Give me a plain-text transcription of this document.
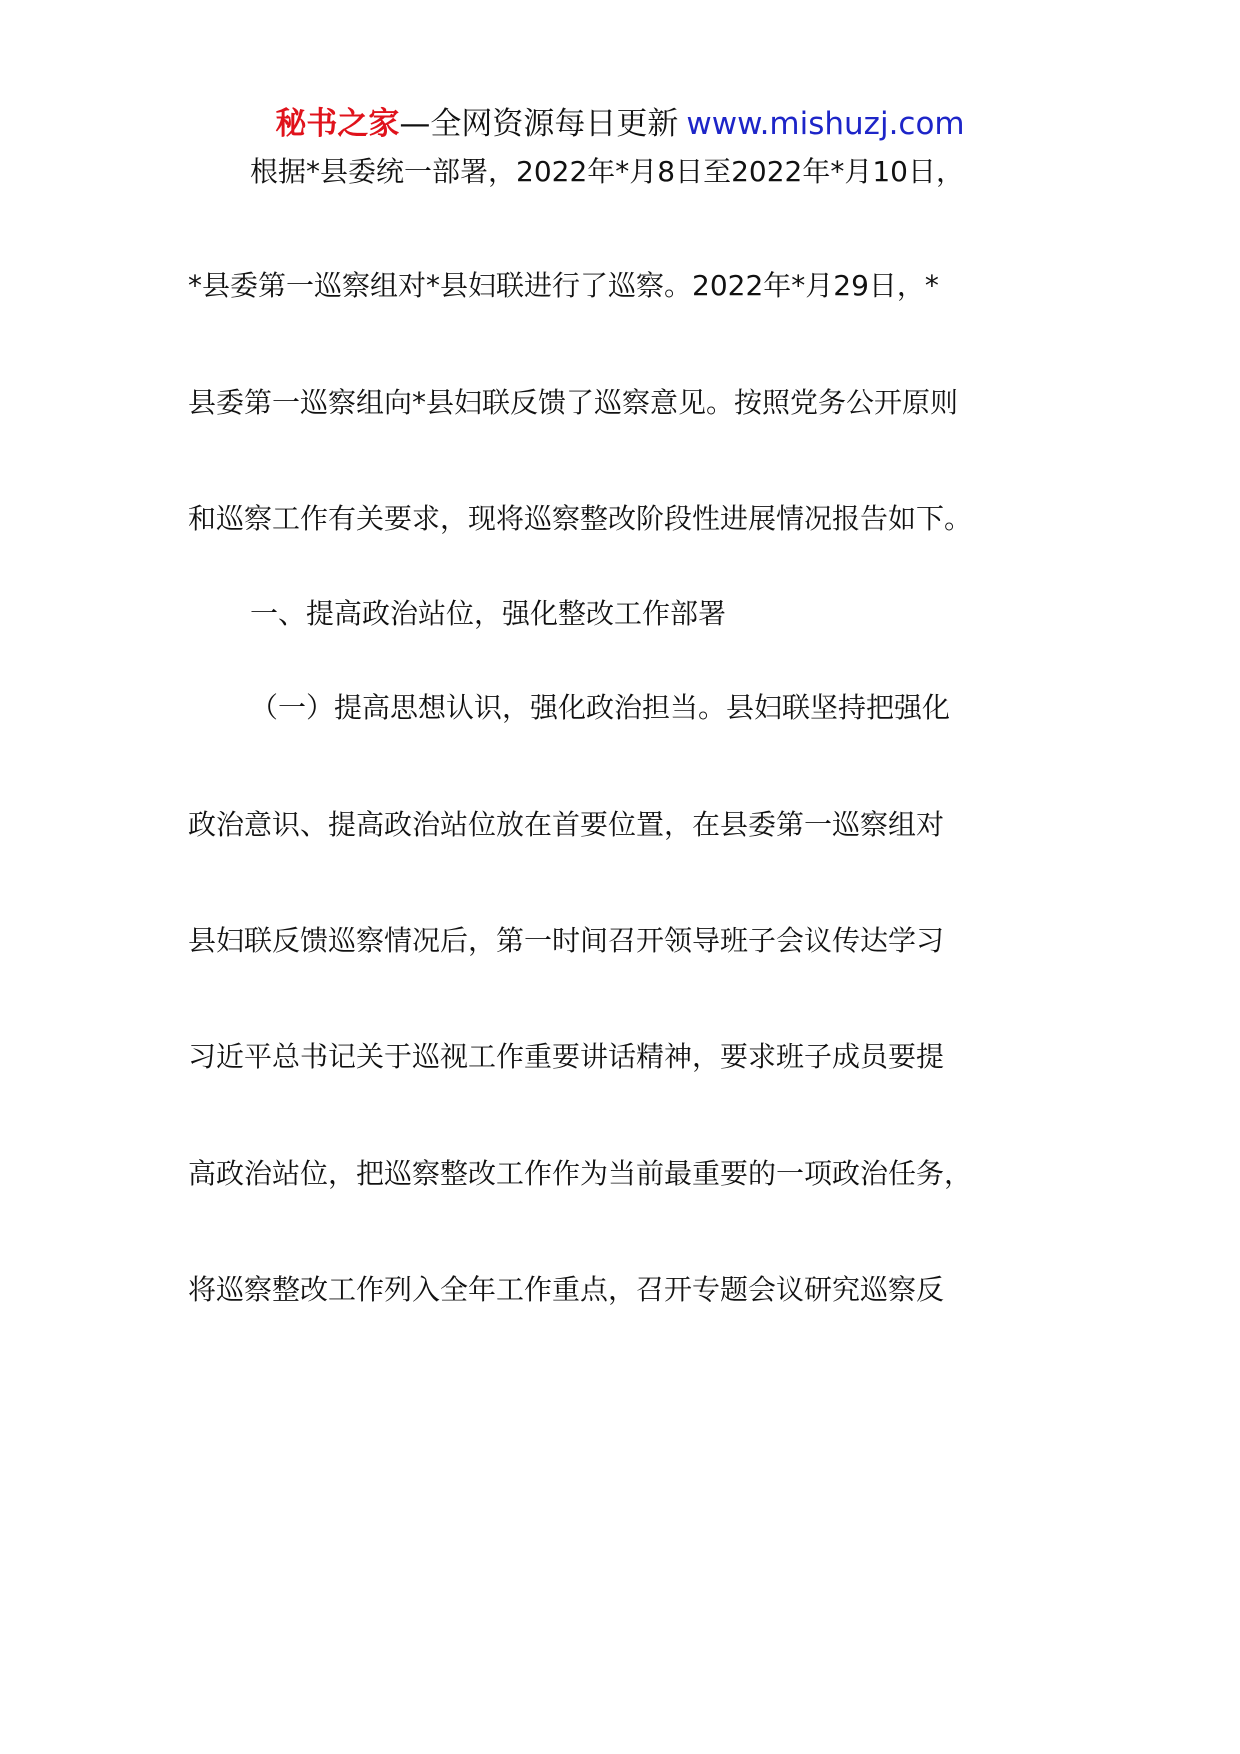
秘书之家—全网资源每日更新 www.mishuzj.com
根据*县委统一部署，2022年*月8日至2022年*月10日，
*县委第一巡察组对*县妇联进行了巡察。2022年*月29日，*
县委第一巡察组向*县妇联反馈了巡察意见。按照党务公开原则
和巡察工作有关要求，现将巡察整改阶段性进展情况报告如下。
一、提高政治站位，强化整改工作部署
（一）提高思想认识，强化政治担当。县妇联坚持把强化
政治意识、提高政治站位放在首要位置，在县委第一巡察组对
县妇联反馈巡察情况后，第一时间召开领导班子会议传达学习
习近平总书记关于巡视工作重要讲话精神，要求班子成员要提
高政治站位，把巡察整改工作作为当前最重要的一项政治任务，
将巡察整改工作列入全年工作重点，召开专题会议研究巡察反
